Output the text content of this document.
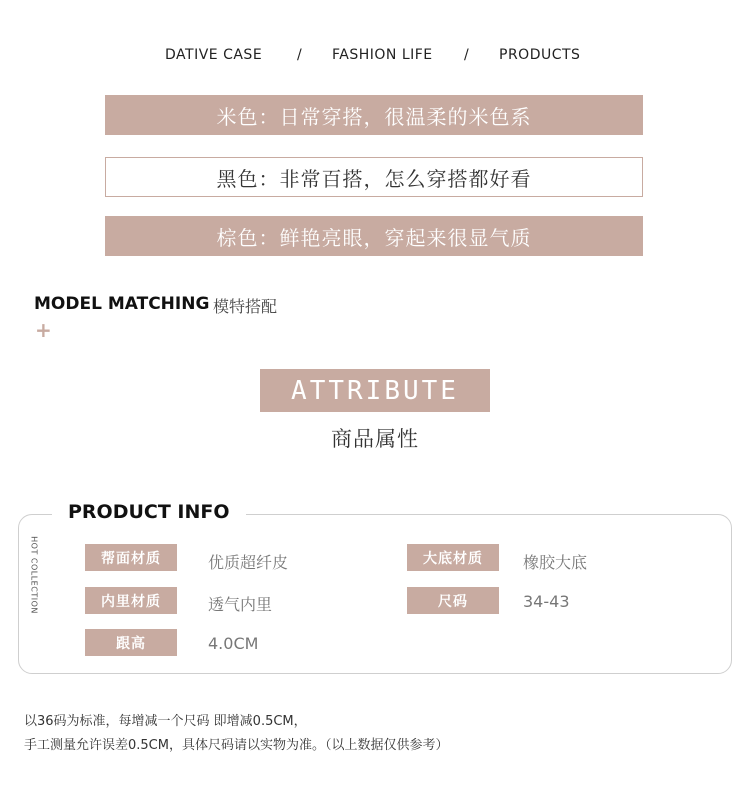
DATIVE CASE / FASHION LIFE / PRODUCTS
米色：日常穿搭，很温柔的米色系
黑色：非常百搭，怎么穿搭都好看
棕色：鲜艳亮眼，穿起来很显气质
MODEL MATCHING 模特搭配
+
ATTRIBUTE
商品属性
PRODUCT INFO
HOT COLLECTION	帮面材质	优质超纤皮	大底材质	橡胶大底
内里材质	透气内里	尺码	34-43
跟高	4.0CM
以36码为标准，每增减一个尺码 即增减0.5CM，
手工测量允许误差0.5CM，具体尺码请以实物为准。（以上数据仅供参考）
